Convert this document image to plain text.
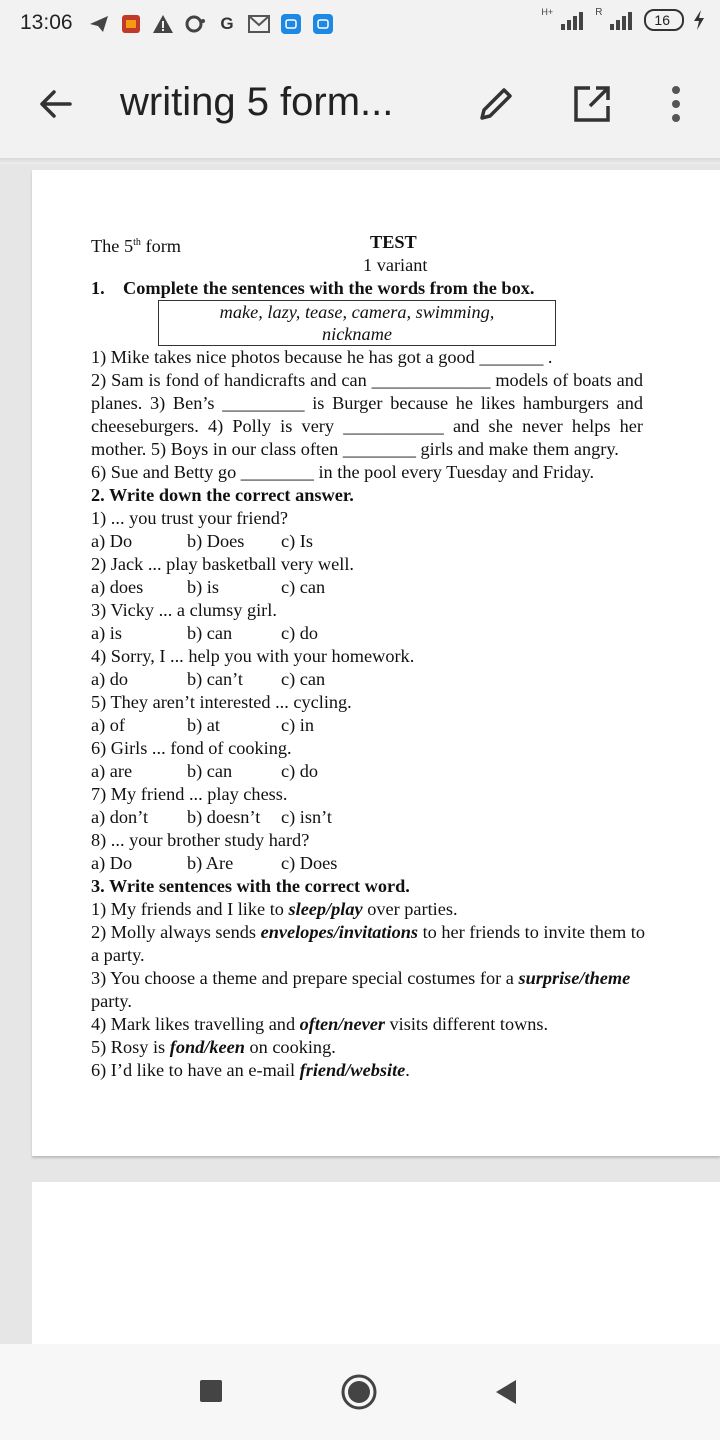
13:06	G
H+	R	16
writing 5 form...
The 5th form	TEST
1 variant
1.    Complete the sentences with the words from the box.
make, lazy, tease, camera, swimming,
nickname
1) Mike takes nice photos because he has got a good _______ .
2) Sam is fond of handicrafts and can _____________ models of boats and
planes. 3) Ben’s _________ is Burger because he likes hamburgers and
cheeseburgers. 4) Polly is very ___________ and she never helps her
mother. 5) Boys in our class often ________ girls and make them angry.
6) Sue and Betty go ________ in the pool every Tuesday and Friday.
2. Write down the correct answer.
1) ... you trust your friend?
a) Do	b) Does c) Is
2) Jack ... play basketball very well.
a) does b) is	c) can
3) Vicky ... a clumsy girl.
a) is	b) can	c) do
4) Sorry, I ... help you with your homework.
a) do	b) can’t c) can
5) They aren’t interested ... cycling.
a) of	b) at	c) in
6) Girls ... fond of cooking.
a) are	b) can	c) do
7) My friend ... play chess.
a) don’t b) doesn’t c) isn’t
8) ... your brother study hard?
a) Do	b) Are	c) Does
3. Write sentences with the correct word.
1) My friends and I like to sleep/play over parties.
2) Molly always sends envelopes/invitations to her friends to invite them to
a party.
3) You choose a theme and prepare special costumes for a surprise/theme
party.
4) Mark likes travelling and often/never visits different towns.
5) Rosy is fond/keen on cooking.
6) I’d like to have an e-mail friend/website.
